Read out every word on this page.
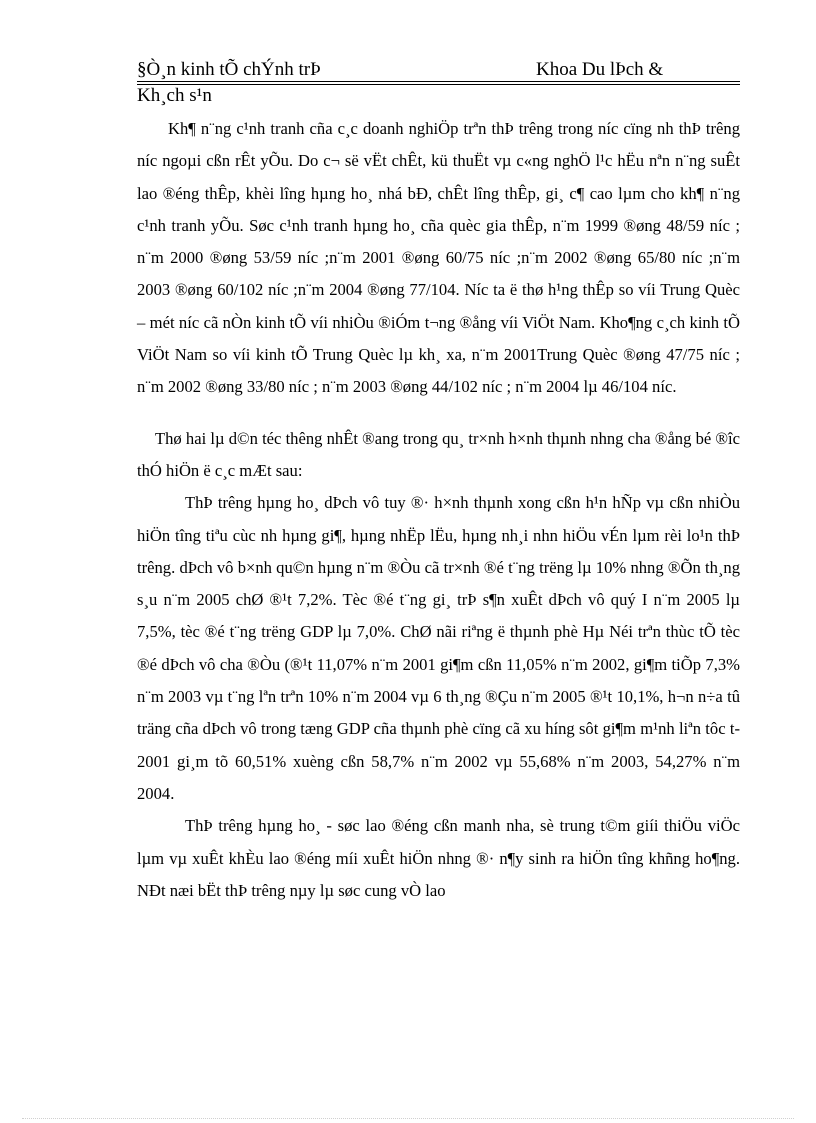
§Ò¸n kinh tÕ chÝnh trÞ	Khoa Du lÞch &
Kh¸ch s¹n

Kh¶ n¨ng c¹nh tranh cña c¸c doanh nghiÖp trªn thÞ trêng trong níc cïng nh thÞ trêng níc ngoµi cßn rÊt yÕu. Do c¬ së vËt chÊt, kü thuËt vµ c«ng nghÖ l¹c hËu nªn n¨ng suÊt lao ®éng thÊp, khèi lîng hµng ho¸ nhá bÐ, chÊt lîng thÊp, gi¸ c¶ cao lµm cho kh¶ n¨ng c¹nh tranh yÕu. Søc c¹nh tranh hµng ho¸ cña quèc gia thÊp, n¨m 1999 ®øng 48/59 níc ; n¨m 2000 ®øng 53/59 níc ;n¨m 2001 ®øng 60/75 níc ;n¨m 2002 ®øng 65/80 níc ;n¨m 2003 ®øng 60/102 níc ;n¨m 2004 ®øng 77/104. Níc ta ë thø h¹ng thÊp so víi Trung Quèc – mét níc cã nÒn kinh tÕ víi nhiÒu ®iÓm t¬ng ®ång víi ViÖt Nam. Kho¶ng c¸ch kinh tÕ ViÖt Nam so víi kinh tÕ Trung Quèc lµ kh¸ xa, n¨m 2001Trung Quèc ®øng 47/75 níc ; n¨m 2002 ®øng 33/80 níc ; n¨m 2003 ®øng 44/102 níc ; n¨m 2004 lµ 46/104 níc.

Thø hai lµ d©n téc thêng nhÊt ®ang trong qu¸ tr×nh h×nh thµnh nhng cha ®ång bé ®îc thÓ hiÖn ë c¸c mÆt sau:

ThÞ trêng hµng ho¸ dÞch vô tuy ®· h×nh thµnh xong cßn h¹n hÑp vµ cßn nhiÒu hiÖn tîng tiªu cùc nh hµng gi¶, hµng nhËp lËu, hµng nh¸i nhn hiÖu vÉn lµm rèi lo¹n thÞ trêng. dÞch vô b×nh qu©n hµng n¨m ®Òu cã tr×nh ®é t¨ng trëng lµ 10% nhng ®Õn th¸ng s¸u n¨m 2005 chØ ®¹t 7,2%. Tèc ®é t¨ng gi¸ trÞ s¶n xuÊt dÞch vô quý I n¨m 2005 lµ 7,5%, tèc ®é t¨ng trëng GDP lµ 7,0%. ChØ nãi riªng ë thµnh phè Hµ Néi trªn thùc tÕ tèc ®é dÞch vô cha ®Òu (®¹t 11,07% n¨m 2001 gi¶m cßn 11,05% n¨m 2002, gi¶m tiÕp 7,3% n¨m 2003 vµ t¨ng lªn trªn 10% n¨m 2004 vµ 6 th¸ng ®Çu n¨m 2005 ®¹t 10,1%, h¬n n÷a tû träng cña dÞch vô trong tæng GDP cña thµnh phè cïng cã xu híng sôt gi¶m m¹nh liªn tôc t 2001 gi¸m tõ 60,51% xuèng cßn 58,7% n¨m 2002 vµ 55,68% n¨m 2003, 54,27% n¨m 2004.

ThÞ trêng hµng ho¸ - søc lao ®éng cßn manh nha, sè trung t©m giíi thiÖu viÖc lµm vµ xuÊt khÈu lao ®éng míi xuÊt hiÖn nhng ®· n¶y sinh ra hiÖn tîng khñng ho¶ng. NÐt næi bËt thÞ trêng nµy lµ søc cung vÒ lao
